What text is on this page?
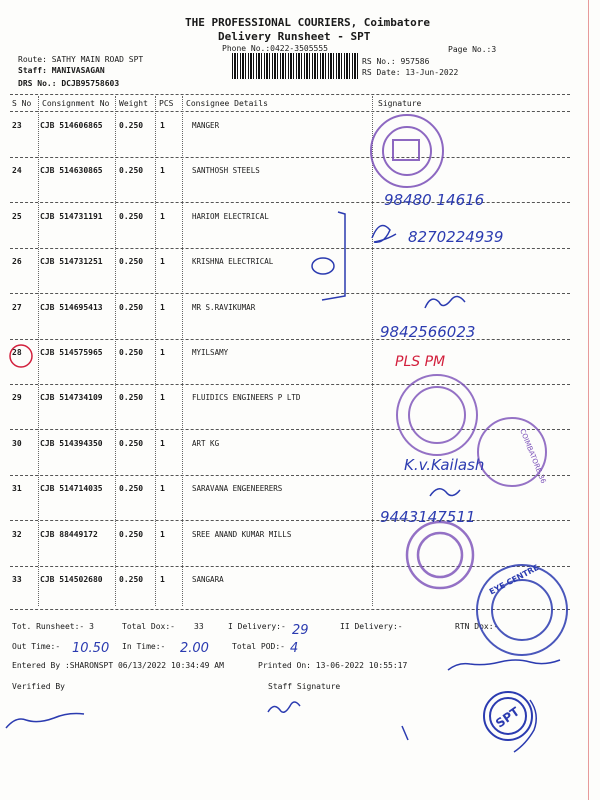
THE PROFESSIONAL COURIERS, Coimbatore
Delivery Runsheet - SPT
Phone No.:0422-3505555	Page No.:3
Route: SATHY MAIN ROAD SPT
Staff: MANIVASAGAN
DRS No.: DCJB95758603
RS No.: 957586
RS Date: 13-Jun-2022
S No Consignment No Weight PCS Consignee Details	Signature
23 CJB 514606865 0.250 1	MANGER
24 CJB 514630865 0.250 1	SANTHOSH STEELS
25 CJB 514731191 0.250 1	HARIOM ELECTRICAL
26 CJB 514731251 0.250 1	KRISHNA ELECTRICAL
27 CJB 514695413 0.250 1	MR S.RAVIKUMAR
28 CJB 514575965 0.250 1	MYILSAMY
29 CJB 514734109 0.250 1	FLUIDICS ENGINEERS P LTD
30 CJB 514394350 0.250 1	ART KG
31 CJB 514714035 0.250 1	SARAVANA ENGENEERERS
32 CJB 88449172	0.250 1	SREE ANAND KUMAR MILLS
33 CJB 514502680 0.250 1	SANGARA
Tot. Runsheet:- 3	Total Dox:- 33	I Delivery:-	II Delivery:-	RTN Dox:-
Out Time:-	In Time:-	Total POD:-
Entered By :SHARONSPT 06/13/2022 10:34:49 AM	Printed On: 13-06-2022 10:55:17
Verified By	Staff Signature
98480 14616
8270224939
9842566023
PLS PM
K.v.Kailash
9443147511
29
10.50	2.00	4
EYE CENTRE
COIMBATORE-36
SPT
